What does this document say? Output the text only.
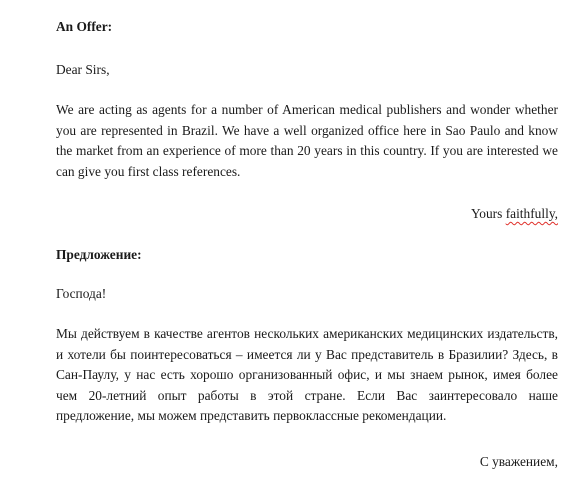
An Offer:

Dear Sirs,

We are acting as agents for a number of American medical publishers and wonder whether you are represented in Brazil. We have a well organized office here in Sao Paulo and know the market from an experience of more than 20 years in this country. If you are interested we can give you first class references.

Yours faithfully,

Предложение:

Господа!

Мы действуем в качестве агентов нескольких американских медицинских издательств, и хотели бы поинтересоваться – имеется ли у Вас представитель в Бразилии? Здесь, в Сан-Паулу, у нас есть хорошо организованный офис, и мы знаем рынок, имея более чем 20-летний опыт работы в этой стране. Если Вас заинтересовало наше предложение, мы можем представить первоклассные рекомендации.

С уважением,
